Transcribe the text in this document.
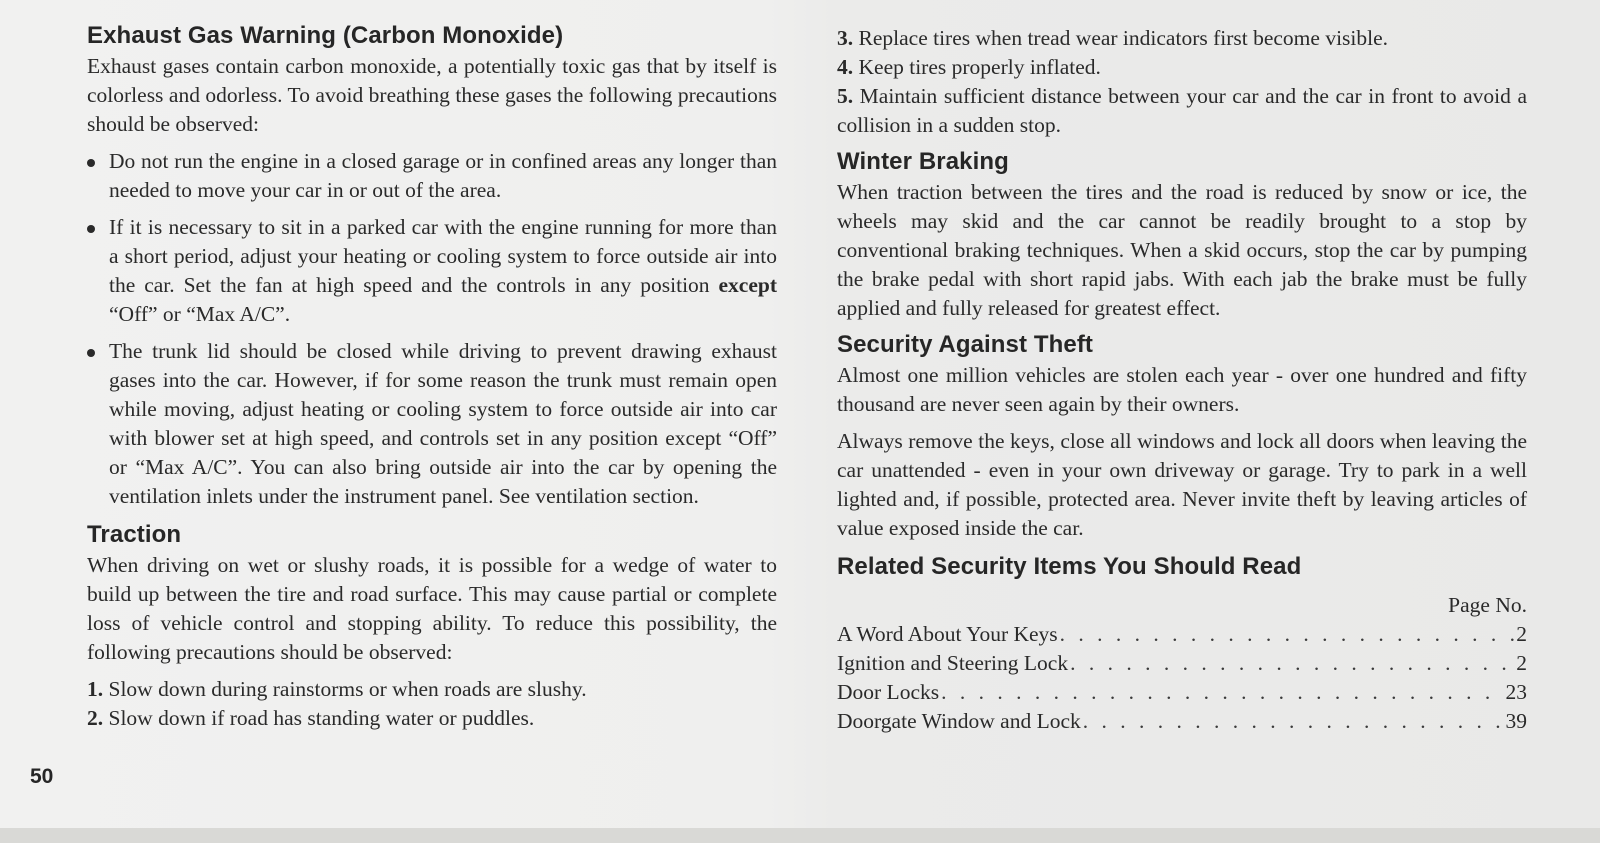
Exhaust Gas Warning (Carbon Monoxide)

Exhaust gases contain carbon monoxide, a potentially toxic gas that by itself is colorless and odorless. To avoid breathing these gases the following precautions should be observed:

Do not run the engine in a closed garage or in confined areas any longer than needed to move your car in or out of the area.
If it is necessary to sit in a parked car with the engine running for more than a short period, adjust your heating or cooling system to force outside air into the car. Set the fan at high speed and the controls in any position except “Off” or “Max A/C”.
The trunk lid should be closed while driving to prevent drawing exhaust gases into the car. However, if for some reason the trunk must remain open while moving, adjust heating or cooling system to force outside air into car with blower set at high speed, and controls set in any position except “Off” or “Max A/C”. You can also bring outside air into the car by opening the ventilation inlets under the instrument panel. See ventilation section.
Traction

When driving on wet or slushy roads, it is possible for a wedge of water to build up between the tire and road surface. This may cause partial or complete loss of vehicle control and stopping ability. To reduce this possibility, the following precautions should be observed:

1. Slow down during rainstorms or when roads are slushy.
2. Slow down if road has standing water or puddles.
50
3. Replace tires when tread wear indicators first become visible.
4. Keep tires properly inflated.
5. Maintain sufficient distance between your car and the car in front to avoid a collision in a sudden stop.
Winter Braking

When traction between the tires and the road is reduced by snow or ice, the wheels may skid and the car cannot be readily brought to a stop by conventional braking techniques. When a skid occurs, stop the car by pumping the brake pedal with short rapid jabs. With each jab the brake must be fully applied and fully released for greatest effect.

Security Against Theft

Almost one million vehicles are stolen each year - over one hundred and fifty thousand are never seen again by their owners.

Always remove the keys, close all windows and lock all doors when leaving the car unattended - even in your own driveway or garage. Try to park in a well lighted and, if possible, protected area. Never invite theft by leaving articles of value exposed inside the car.

Related Security Items You Should Read
Page No.
A Word About Your Keys . . .	2
Ignition and Steering Lock . . .	2
Door Locks . . .	23
Doorgate Window and Lock . . .	39
